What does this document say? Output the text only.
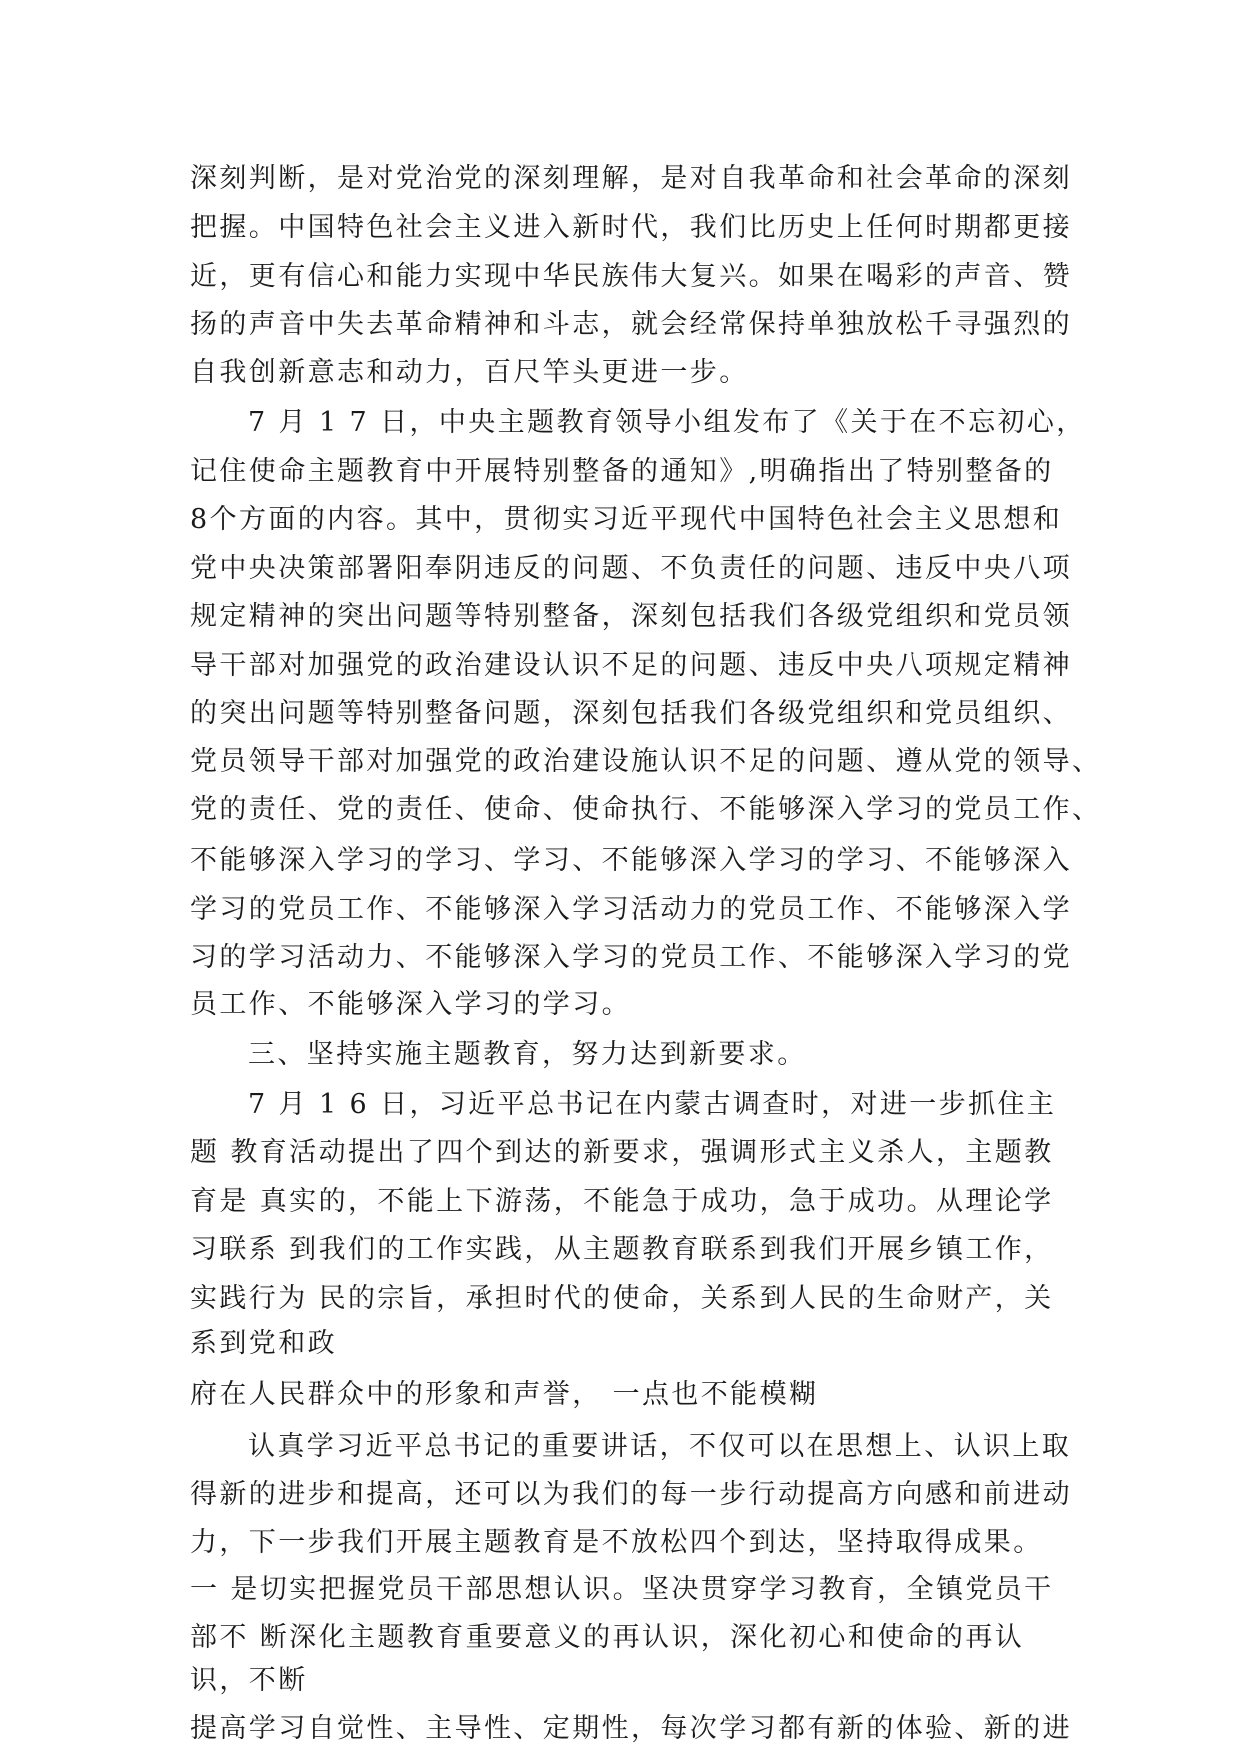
深刻判断，是对党治党的深刻理解，是对自我革命和社会革命的深刻
把握。中国特色社会主义进入新时代，我们比历史上任何时期都更接
近，更有信心和能力实现中华民族伟大复兴。如果在喝彩的声音、赞
扬的声音中失去革命精神和斗志，就会经常保持单独放松千寻强烈的
自我创新意志和动力，百尺竿头更进一步。
7 月 1 7 日，中央主题教育领导小组发布了《关于在不忘初心，
记住使命主题教育中开展特别整备的通知》,明确指出了特别整备的
8个方面的内容。其中，贯彻实习近平现代中国特色社会主义思想和
党中央决策部署阳奉阴违反的问题、不负责任的问题、违反中央八项
规定精神的突出问题等特别整备，深刻包括我们各级党组织和党员领
导干部对加强党的政治建设认识不足的问题、违反中央八项规定精神
的突出问题等特别整备问题，深刻包括我们各级党组织和党员组织、
党员领导干部对加强党的政治建设施认识不足的问题、遵从党的领导、
党的责任、党的责任、使命、使命执行、不能够深入学习的党员工作、
不能够深入学习的学习、学习、不能够深入学习的学习、不能够深入
学习的党员工作、不能够深入学习活动力的党员工作、不能够深入学
习的学习活动力、不能够深入学习的党员工作、不能够深入学习的党
员工作、不能够深入学习的学习。
三、坚持实施主题教育，努力达到新要求。
7 月 1 6 日，习近平总书记在内蒙古调查时，对进一步抓住主
题 教育活动提出了四个到达的新要求，强调形式主义杀人，主题教
育是 真实的，不能上下游荡，不能急于成功，急于成功。从理论学
习联系 到我们的工作实践，从主题教育联系到我们开展乡镇工作，
实践行为 民的宗旨，承担时代的使命，关系到人民的生命财产，关
系到党和政
府在人民群众中的形象和声誉， 一点也不能模糊
认真学习近平总书记的重要讲话，不仅可以在思想上、认识上取
得新的进步和提高，还可以为我们的每一步行动提高方向感和前进动
力，下一步我们开展主题教育是不放松四个到达，坚持取得成果。
一 是切实把握党员干部思想认识。坚决贯穿学习教育，全镇党员干
部不 断深化主题教育重要意义的再认识，深化初心和使命的再认
识，不断
提高学习自觉性、主导性、定期性，每次学习都有新的体验、新的进
